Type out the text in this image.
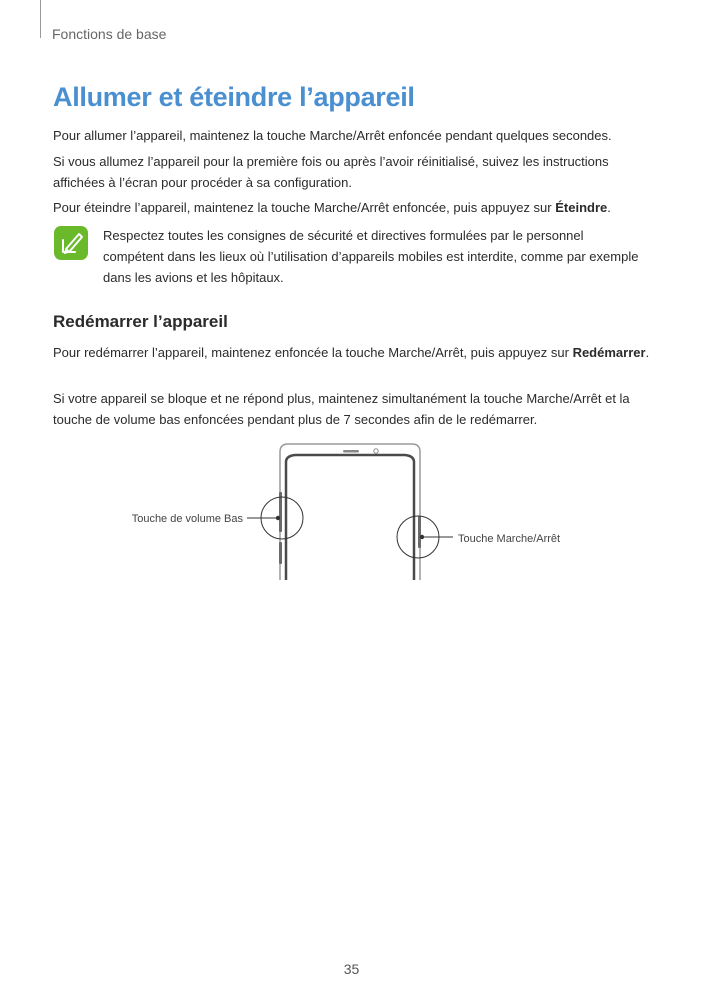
Fonctions de base
Allumer et éteindre l’appareil

Pour allumer l’appareil, maintenez la touche Marche/Arrêt enfoncée pendant quelques secondes.

Si vous allumez l’appareil pour la première fois ou après l’avoir réinitialisé, suivez les instructions affichées à l’écran pour procéder à sa configuration.

Pour éteindre l’appareil, maintenez la touche Marche/Arrêt enfoncée, puis appuyez sur Éteindre.

Respectez toutes les consignes de sécurité et directives formulées par le personnel compétent dans les lieux où l’utilisation d’appareils mobiles est interdite, comme par exemple dans les avions et les hôpitaux.

Redémarrer l’appareil

Pour redémarrer l’appareil, maintenez enfoncée la touche Marche/Arrêt, puis appuyez sur Redémarrer.

Si votre appareil se bloque et ne répond plus, maintenez simultanément la touche Marche/Arrêt et la touche de volume bas enfoncées pendant plus de 7 secondes afin de le redémarrer.

Touche de volume Bas
Touche Marche/Arrêt
35
